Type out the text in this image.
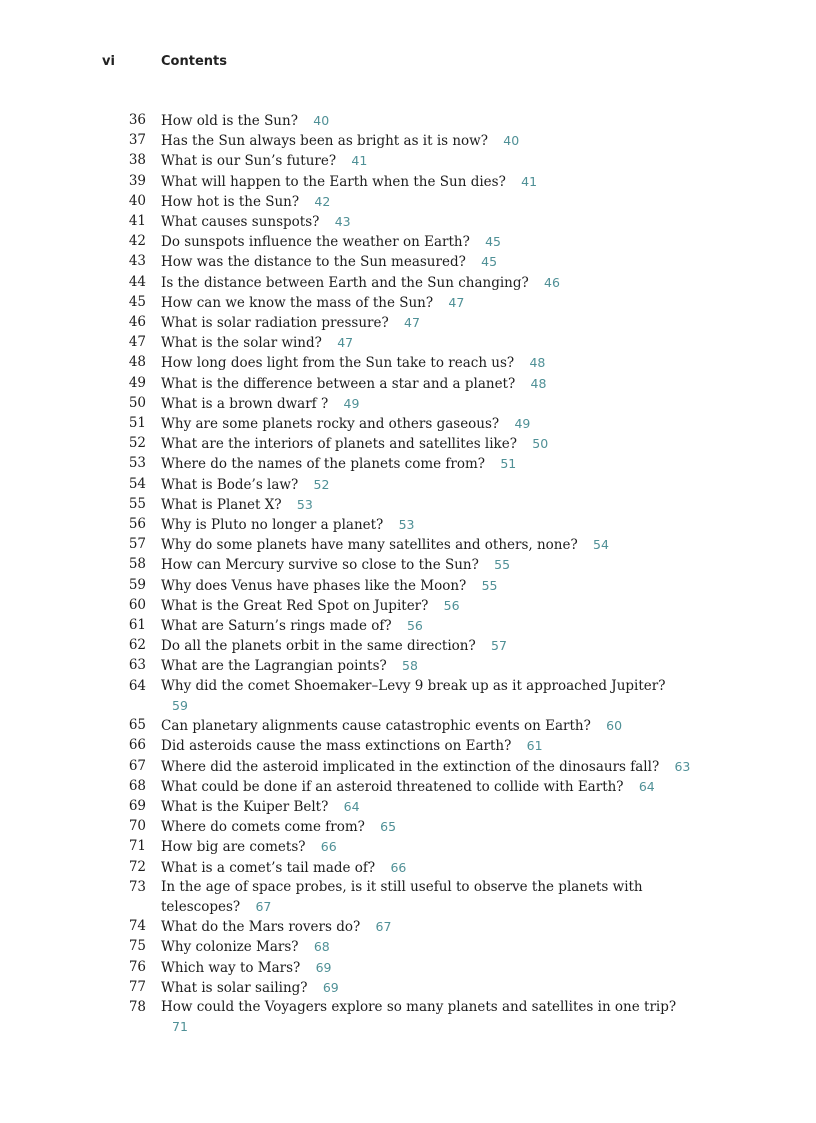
vi	Contents
36 How old is the Sun? 40
37 Has the Sun always been as bright as it is now? 40
38 What is our Sun’s future? 41
39 What will happen to the Earth when the Sun dies? 41
40 How hot is the Sun? 42
41 What causes sunspots? 43
42 Do sunspots influence the weather on Earth? 45
43 How was the distance to the Sun measured? 45
44 Is the distance between Earth and the Sun changing? 46
45 How can we know the mass of the Sun? 47
46 What is solar radiation pressure? 47
47 What is the solar wind? 47
48 How long does light from the Sun take to reach us? 48
49 What is the difference between a star and a planet? 48
50 What is a brown dwarf ? 49
51 Why are some planets rocky and others gaseous? 49
52 What are the interiors of planets and satellites like? 50
53 Where do the names of the planets come from? 51
54 What is Bode’s law? 52
55 What is Planet X? 53
56 Why is Pluto no longer a planet? 53
57 Why do some planets have many satellites and others, none? 54
58 How can Mercury survive so close to the Sun? 55
59 Why does Venus have phases like the Moon? 55
60 What is the Great Red Spot on Jupiter? 56
61 What are Saturn’s rings made of? 56
62 Do all the planets orbit in the same direction? 57
63 What are the Lagrangian points? 58
64 Why did the comet Shoemaker–Levy 9 break up as it approached Jupiter? 59
65 Can planetary alignments cause catastrophic events on Earth? 60
66 Did asteroids cause the mass extinctions on Earth? 61
67 Where did the asteroid implicated in the extinction of the dinosaurs fall? 63
68 What could be done if an asteroid threatened to collide with Earth? 64
69 What is the Kuiper Belt? 64
70 Where do comets come from? 65
71 How big are comets? 66
72 What is a comet’s tail made of? 66
73 In the age of space probes, is it still useful to observe the planets with telescopes? 67
74 What do the Mars rovers do? 67
75 Why colonize Mars? 68
76 Which way to Mars? 69
77 What is solar sailing? 69
78 How could the Voyagers explore so many planets and satellites in one trip? 71
